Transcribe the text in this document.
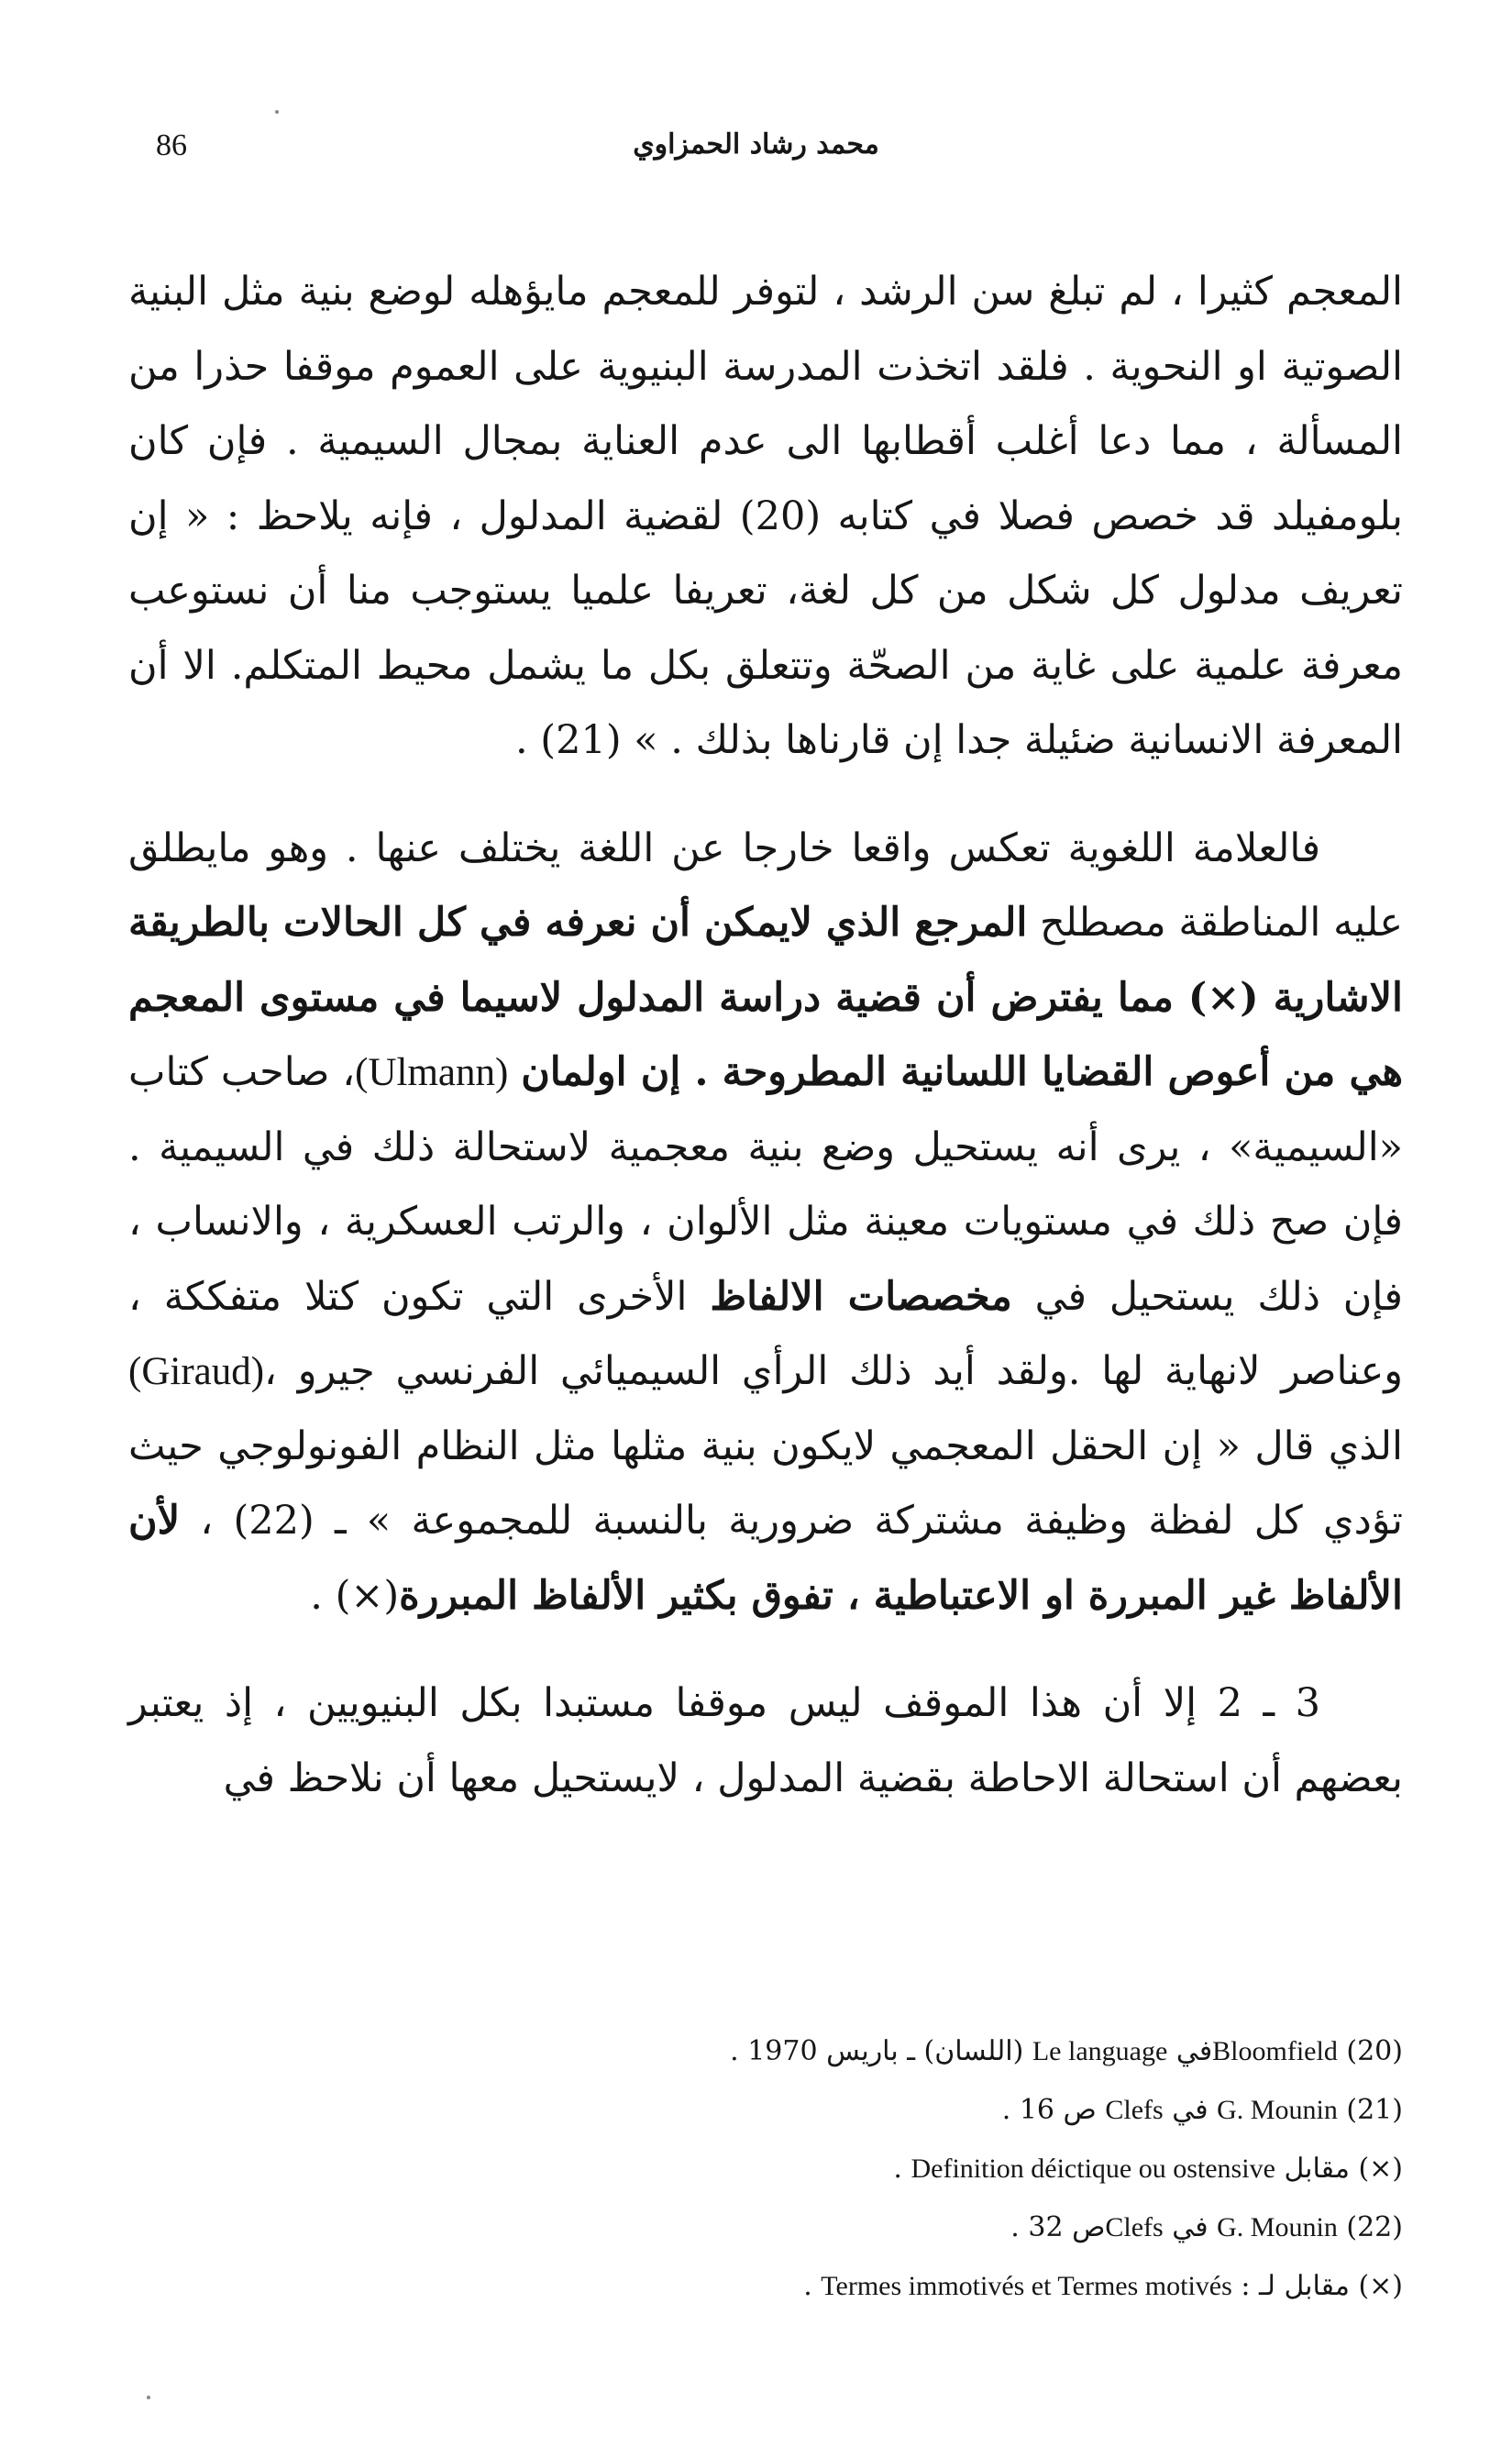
86	محمد رشاد الحمزاوي

المعجم كثيرا ، لم تبلغ سن الرشد ، لتوفر للمعجم مايؤهله لوضع بنية مثل البنية الصوتية او النحوية . فلقد اتخذت المدرسة البنيوية على العموم موقفا حذرا من المسألة ، مما دعا أغلب أقطابها الى عدم العناية بمجال السيمية . فإن كان بلومفيلد قد خصص فصلا في كتابه (20) لقضية المدلول ، فإنه يلاحظ : « إن تعريف مدلول كل شكل من كل لغة، تعريفا علميا يستوجب منا أن نستوعب معرفة علمية على غاية من الصحّة وتتعلق بكل ما يشمل محيط المتكلم. الا أن المعرفة الانسانية ضئيلة جدا إن قارناها بذلك . » (21) .

فالعلامة اللغوية تعكس واقعا خارجا عن اللغة يختلف عنها . وهو مايطلق عليه المناطقة مصطلح المرجع الذي لايمكن أن نعرفه في كل الحالات بالطريقة الاشارية (×) مما يفترض أن قضية دراسة المدلول لاسيما في مستوى المعجم هي من أعوص القضايا اللسانية المطروحة . إن اولمان (Ulmann)، صاحب كتاب «السيمية» ، يرى أنه يستحيل وضع بنية معجمية لاستحالة ذلك في السيمية . فإن صح ذلك في مستويات معينة مثل الألوان ، والرتب العسكرية ، والانساب ، فإن ذلك يستحيل في مخصصات الالفاظ الأخرى التي تكون كتلا متفككة ، وعناصر لانهاية لها .ولقد أيد ذلك الرأي السيميائي الفرنسي جيرو ،(Giraud) الذي قال « إن الحقل المعجمي لايكون بنية مثلها مثل النظام الفونولوجي حيث تؤدي كل لفظة وظيفة مشتركة ضرورية بالنسبة للمجموعة » ـ (22) ، لأن الألفاظ غير المبررة او الاعتباطية ، تفوق بكثير الألفاظ المبررة(×) .

3 ـ 2 إلا أن هذا الموقف ليس موقفا مستبدا بكل البنيويين ، إذ يعتبر بعضهم أن استحالة الاحاطة بقضية المدلول ، لايستحيل معها أن نلاحظ في

(20) Bloomfieldفي Le language (اللسان) ـ باريس 1970 .
(21) G. Mounin في Clefs ص 16 .
(×) مقابل Definition déictique ou ostensive .
(22) G. Mounin في Clefsص 32 .
(×) مقابل لـ : Termes immotivés et Termes motivés .
